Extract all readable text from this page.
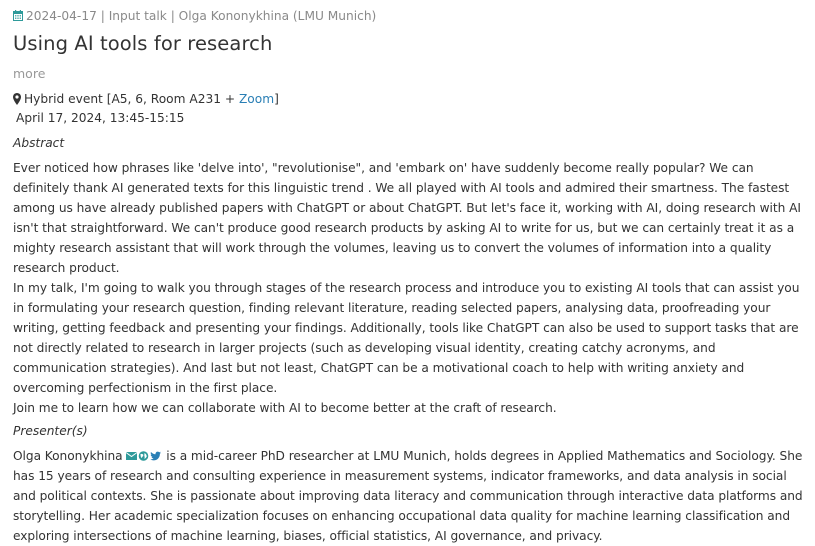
2024-04-17
|
Input talk
|
Olga Kononykhina (LMU Munich)
Using AI tools for research
more
Hybrid event [A5, 6, Room A231 + Zoom ]
April 17, 2024, 13:45-15:15
Abstract

Ever noticed how phrases like 'delve into', "revolutionise", and 'embark on' have suddenly become really popular? We can definitely thank AI generated texts for this linguistic trend . We all played with AI tools and admired their smartness. The fastest among us have already published papers with ChatGPT or about ChatGPT. But let's face it, working with AI, doing research with AI isn't that straightforward. We can't produce good research products by asking AI to write for us, but we can certainly treat it as a mighty research assistant that will work through the volumes, leaving us to convert the volumes of information into a quality research product.

In my talk, I'm going to walk you through stages of the research process and introduce you to existing AI tools that can assist you in formulating your research question, finding relevant literature, reading selected papers, analysing data, proofreading your writing, getting feedback and presenting your findings. Additionally, tools like ChatGPT can also be used to support tasks that are not directly related to research in larger projects (such as developing visual identity, creating catchy acronyms, and communication strategies). And last but not least, ChatGPT can be a motivational coach to help with writing anxiety and overcoming perfectionism in the first place.

Join me to learn how we can collaborate with AI to become better at the craft of research.

Presenter(s)

Olga Kononykhina	is a mid-career PhD researcher at LMU Munich, holds degrees in Applied Mathematics and Sociology. She has 15 years of research and consulting experience in measurement systems, indicator frameworks, and data analysis in social and political contexts. She is passionate about improving data literacy and communication through interactive data platforms and storytelling. Her academic specialization focuses on enhancing occupational data quality for machine learning classification and exploring intersections of machine learning, biases, official statistics, AI governance, and privacy.
